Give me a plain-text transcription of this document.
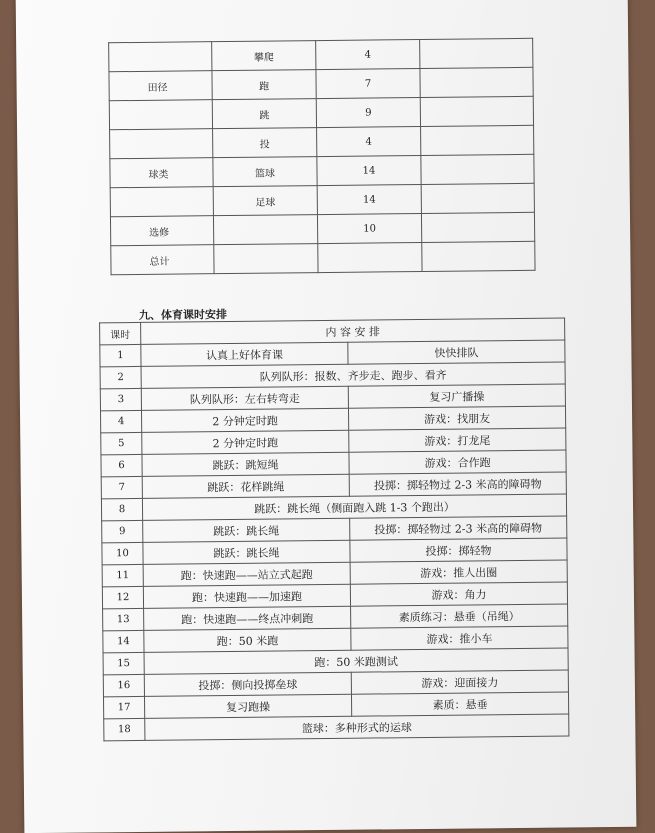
	攀爬	4	
田径	跑	7	
	跳	9	
	投	4	
球类	篮球	14	
	足球	14	
选修		10	
总计			
九、体育课时安排
课时	内 容 安 排	
1	认真上好体育课	快快排队
2	队列队形：报数、齐步走、跑步、看齐	
3	队列队形：左右转弯走	复习广播操
4	2 分钟定时跑	游戏：找朋友
5	2 分钟定时跑	游戏：打龙尾
6	跳跃：跳短绳	游戏：合作跑
7	跳跃：花样跳绳	投掷：掷轻物过 2-3 米高的障碍物
8	跳跃：跳长绳（侧面跑入跳 1-3 个跑出）	
9	跳跃：跳长绳	投掷：掷轻物过 2-3 米高的障碍物
10	跳跃：跳长绳	投掷：掷轻物
11	跑：快速跑——站立式起跑	游戏：推人出圈
12	跑：快速跑——加速跑	游戏：角力
13	跑：快速跑——终点冲刺跑	素质练习：悬垂（吊绳）
14	跑：50 米跑	游戏：推小车
15	跑：50 米跑测试	
16	投掷：侧向投掷垒球	游戏：迎面接力
17	复习跑操	素质：悬垂
18	篮球：多种形式的运球	
